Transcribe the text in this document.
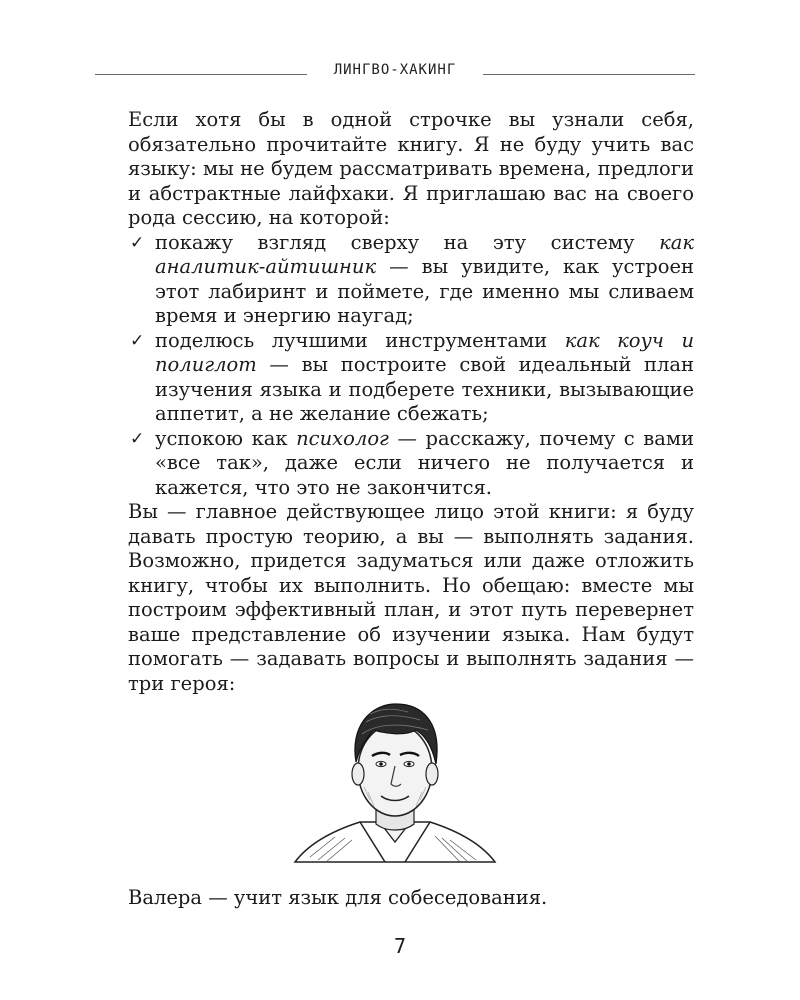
ЛИНГВО-ХАКИНГ

Если хотя бы в одной строчке вы узнали себя, обязательно прочитайте книгу. Я не буду учить вас языку: мы не будем рассматривать времена, предлоги и абстрактные лайфхаки. Я приглашаю вас на своего рода сессию, на которой:

✓ покажу взгляд сверху на эту систему как аналитик-айтишник — вы увидите, как устроен этот лабиринт и поймете, где именно мы сливаем время и энергию наугад;
✓ поделюсь лучшими инструментами как коуч и полиглот — вы построите свой идеальный план изучения языка и подберете техники, вызывающие аппетит, а не желание сбежать;
✓ успокою как психолог — расскажу, почему с вами «все так», даже если ничего не получается и кажется, что это не закончится.

Вы — главное действующее лицо этой книги: я буду давать простую теорию, а вы — выполнять задания. Возможно, придется задуматься или даже отложить книгу, чтобы их выполнить. Но обещаю: вместе мы построим эффективный план, и этот путь перевернет ваше представление об изучении языка. Нам будут помогать — задавать вопросы и выполнять задания — три героя:

Валера — учит язык для собеседования.
7
